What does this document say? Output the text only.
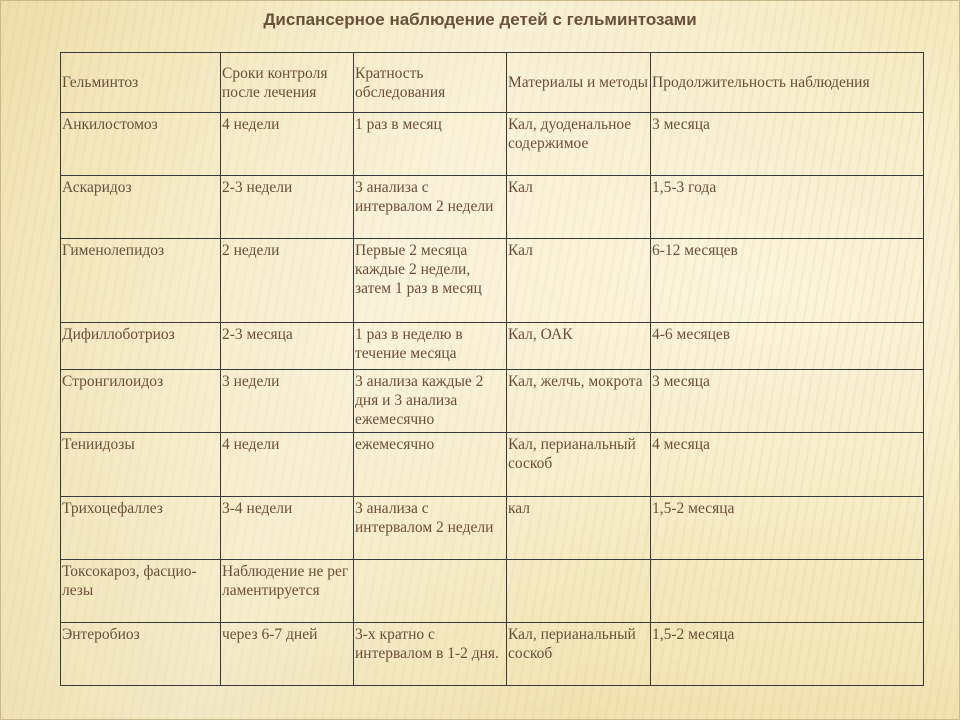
Диспансерное наблюдение детей с гельминтозами
Гельминтоз	Сроки контроля после лечения	Кратность обследования	Материалы и методы	Продолжительность наблюдения
Анкилостомоз	4 недели	1 раз в месяц	Кал, дуоденальное содержимое	3 месяца
Аскаридоз	2-3 недели	3 анализа с интервалом 2 недели	Кал	1,5-3 года
Гименолепидоз	2 недели	Первые 2 месяца каждые 2 недели, затем 1 раз в месяц	Кал	6-12 месяцев
Дифиллоботриоз	2-3 месяца	1 раз в неделю в течение месяца	Кал, ОАК	4-6 месяцев
Стронгилоидоз	3 недели	3 анализа каждые 2 дня и 3 анализа ежемесячно	Кал, желчь, мокрота	3 месяца
Тениидозы	4 недели	ежемесячно	Кал, перианальный соскоб	4 месяца
Трихоцефаллез	3-4 недели	3 анализа с интервалом 2 недели	кал	1,5-2 месяца
Токсокароз, фасцио-лезы	Наблюдение не рег ламентируется			
Энтеробиоз	через 6-7 дней	3-х кратно с интервалом в 1-2 дня.	Кал, перианальный соскоб	1,5-2 месяца
